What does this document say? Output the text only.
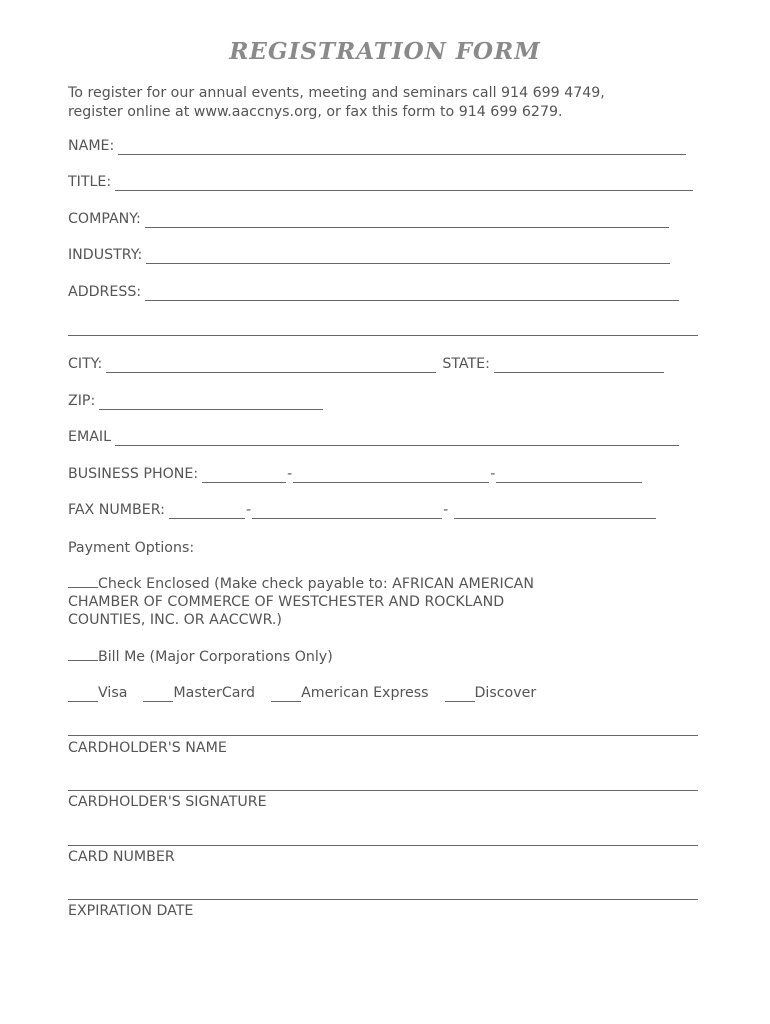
REGISTRATION FORM
To register for our annual events, meeting and seminars call 914 699 4749,
register online at www.aaccnys.org, or fax this form to 914 699 6279.
NAME:
TITLE:
COMPANY:
INDUSTRY:
ADDRESS:
CITY:	STATE:
ZIP:
EMAIL
BUSINESS PHONE:	-	-
FAX NUMBER:	-	-
Payment Options:
Check Enclosed (Make check payable to: AFRICAN AMERICAN
CHAMBER OF COMMERCE OF WESTCHESTER AND ROCKLAND
COUNTIES, INC. OR AACCWR.)
Bill Me (Major Corporations Only)
Visa	MasterCard	American Express	Discover
CARDHOLDER'S NAME
CARDHOLDER'S SIGNATURE
CARD NUMBER
EXPIRATION DATE
